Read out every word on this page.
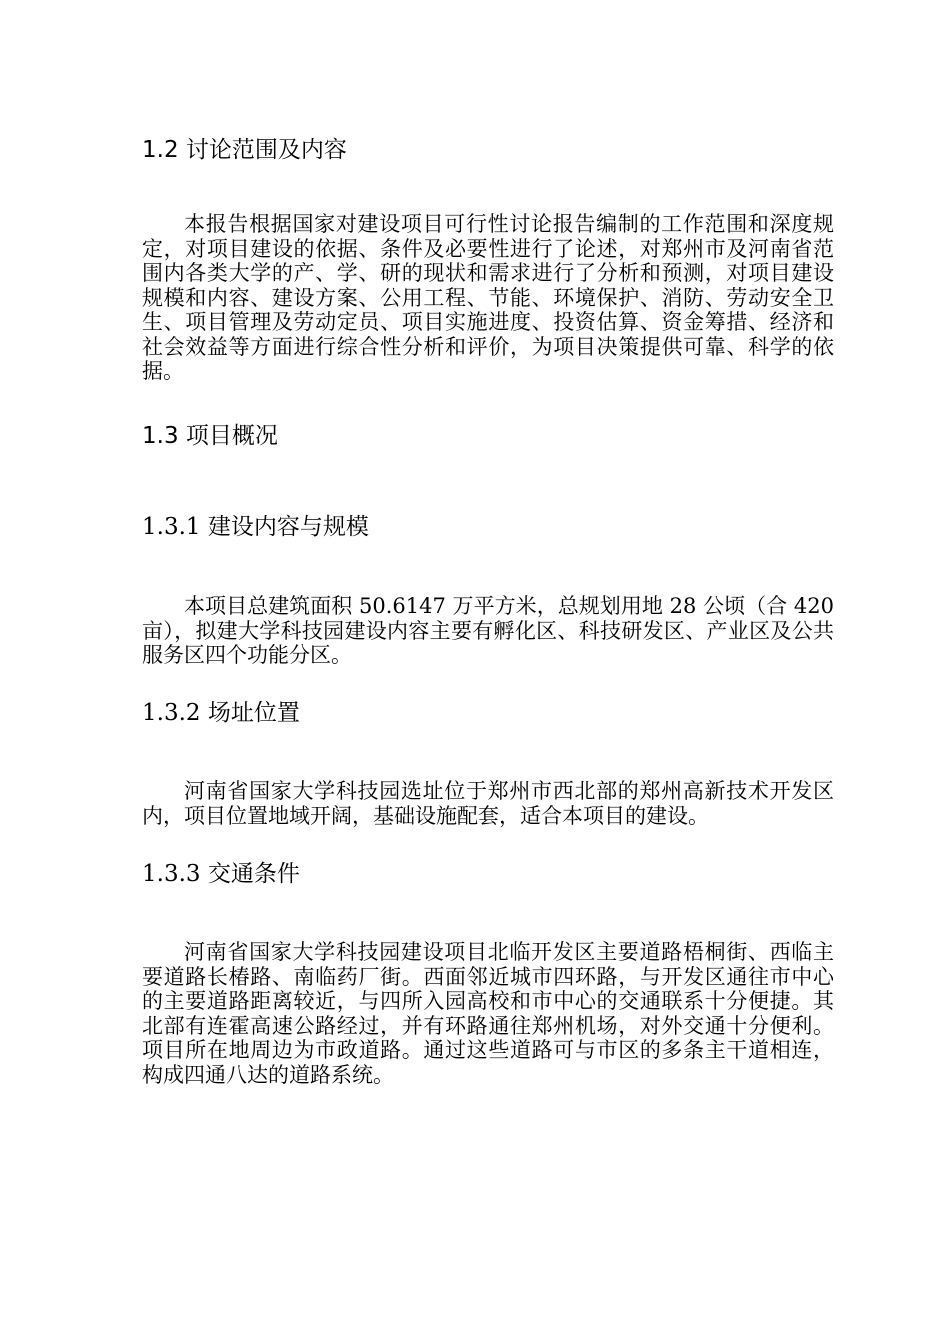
1.2 讨论范围及内容

本报告根据国家对建设项目可行性讨论报告编制的工作范围和深度规定，对项目建设的依据、条件及必要性进行了论述，对郑州市及河南省范围内各类大学的产、学、研的现状和需求进行了分析和预测，对项目建设规模和内容、建设方案、公用工程、节能、环境保护、消防、劳动安全卫生、项目管理及劳动定员、项目实施进度、投资估算、资金筹措、经济和社会效益等方面进行综合性分析和评价，为项目决策提供可靠、科学的依据。

1.3 项目概况
1.3.1 建设内容与规模

本项目总建筑面积 50.6147 万平方米，总规划用地 28 公顷（合 420 亩），拟建大学科技园建设内容主要有孵化区、科技研发区、产业区及公共服务区四个功能分区。

1.3.2 场址位置

河南省国家大学科技园选址位于郑州市西北部的郑州高新技术开发区内，项目位置地域开阔，基础设施配套，适合本项目的建设。

1.3.3 交通条件

河南省国家大学科技园建设项目北临开发区主要道路梧桐街、西临主要道路长椿路、南临药厂街。西面邻近城市四环路，与开发区通往市中心的主要道路距离较近，与四所入园高校和市中心的交通联系十分便捷。其北部有连霍高速公路经过，并有环路通往郑州机场，对外交通十分便利。项目所在地周边为市政道路。通过这些道路可与市区的多条主干道相连，构成四通八达的道路系统。
